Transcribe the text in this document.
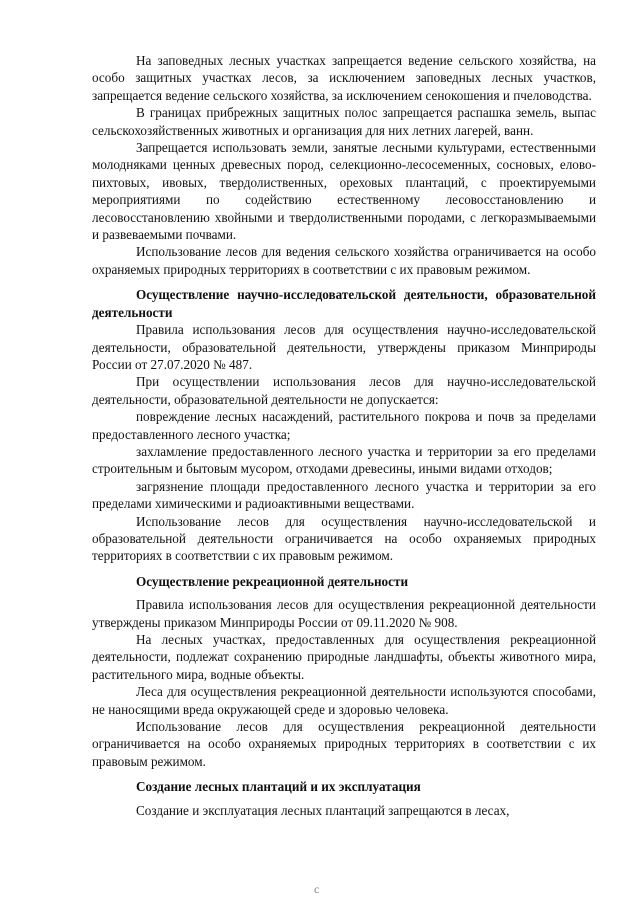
На заповедных лесных участках запрещается ведение сельского хозяйства, на особо защитных участках лесов, за исключением заповедных лесных участков, запрещается ведение сельского хозяйства, за исключением сенокошения и пчеловодства.

В границах прибрежных защитных полос запрещается распашка земель, выпас сельскохозяйственных животных и организация для них летних лагерей, ванн.

Запрещается использовать земли, занятые лесными культурами, естественными молодняками ценных древесных пород, селекционно-лесосеменных, сосновых, елово-пихтовых, ивовых, твердолиственных, ореховых плантаций, с проектируемыми мероприятиями по содействию естественному лесовосстановлению и лесовосстановлению хвойными и твердолиственными породами, с легкоразмываемыми и развеваемыми почвами.

Использование лесов для ведения сельского хозяйства ограничивается на особо охраняемых природных территориях в соответствии с их правовым режимом.

Осуществление научно-исследовательской деятельности, образовательной деятельности

Правила использования лесов для осуществления научно-исследовательской деятельности, образовательной деятельности, утверждены приказом Минприроды России от 27.07.2020 № 487.

При осуществлении использования лесов для научно-исследовательской деятельности, образовательной деятельности не допускается:

повреждение лесных насаждений, растительного покрова и почв за пределами предоставленного лесного участка;

захламление предоставленного лесного участка и территории за его пределами строительным и бытовым мусором, отходами древесины, иными видами отходов;

загрязнение площади предоставленного лесного участка и территории за его пределами химическими и радиоактивными веществами.

Использование лесов для осуществления научно-исследовательской и образовательной деятельности ограничивается на особо охраняемых природных территориях в соответствии с их правовым режимом.

Осуществление рекреационной деятельности

Правила использования лесов для осуществления рекреационной деятельности утверждены приказом Минприроды России от 09.11.2020 № 908.

На лесных участках, предоставленных для осуществления рекреационной деятельности, подлежат сохранению природные ландшафты, объекты животного мира, растительного мира, водные объекты.

Леса для осуществления рекреационной деятельности используются способами, не наносящими вреда окружающей среде и здоровью человека.

Использование лесов для осуществления рекреационной деятельности ограничивается на особо охраняемых природных территориях в соответствии с их правовым режимом.

Создание лесных плантаций и их эксплуатация

Создание и эксплуатация лесных плантаций запрещаются в лесах,

с
